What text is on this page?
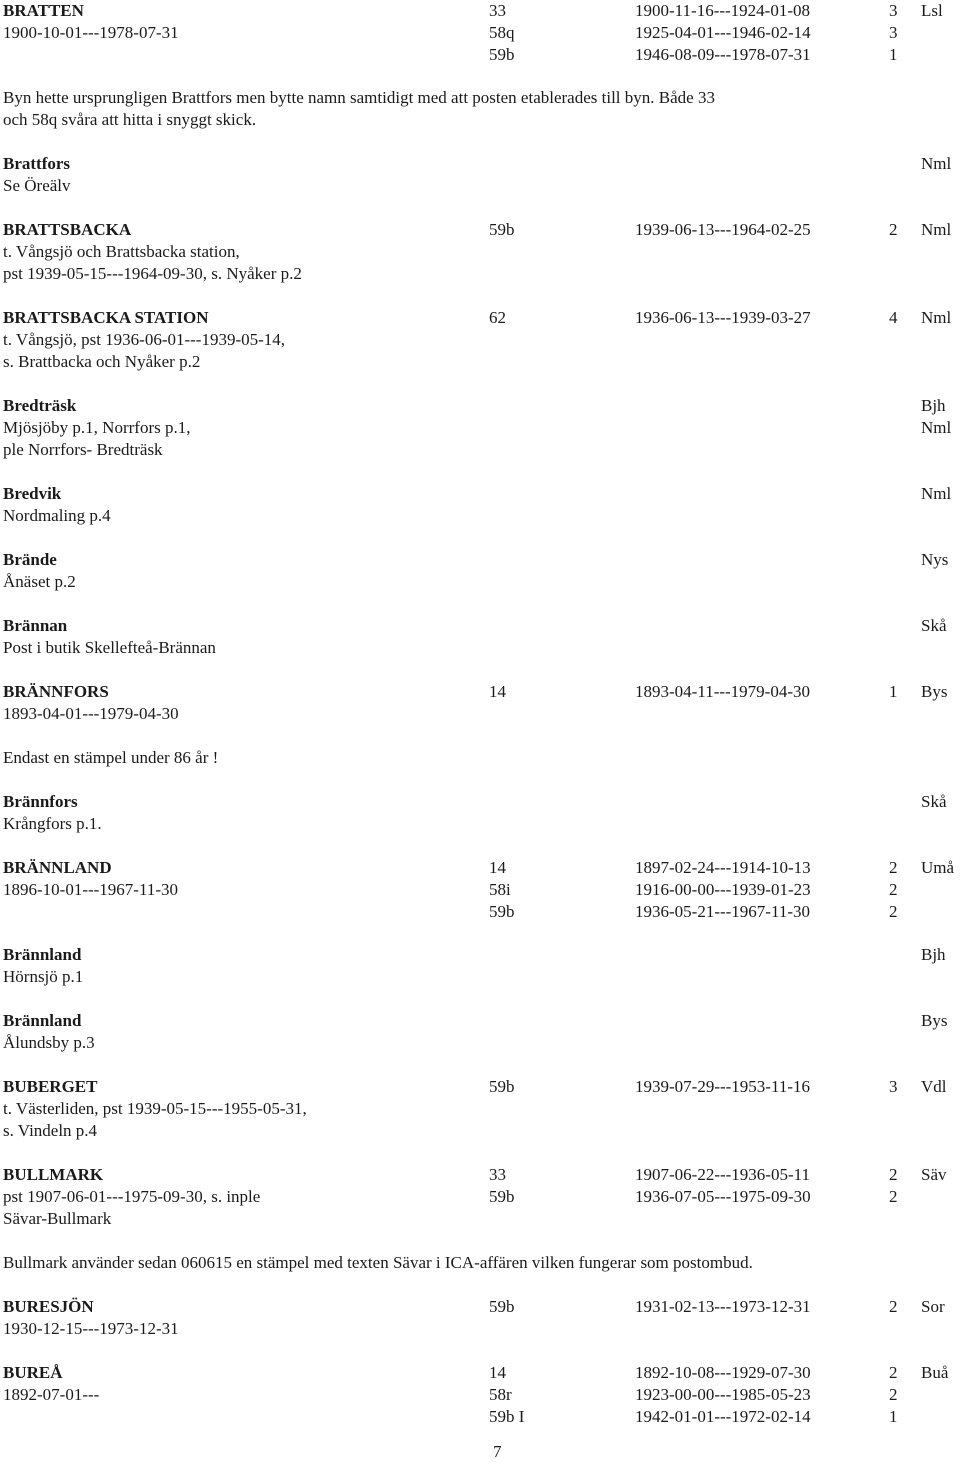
BRATTEN	33	1900-11-16---1924-01-08	3 Lsl
1900-10-01---1978-07-31	58q	1925-04-01---1946-02-14	3
59b	1946-08-09---1978-07-31	1
Byn hette ursprungligen Brattfors men bytte namn samtidigt med att posten etablerades till byn. Både 33
och 58q svåra att hitta i snyggt skick.
Brattfors	Nml
Se Öreälv
BRATTSBACKA	59b	1939-06-13---1964-02-25	2 Nml
t. Vångsjö och Brattsbacka station,
pst 1939-05-15---1964-09-30, s. Nyåker p.2
BRATTSBACKA STATION	62	1936-06-13---1939-03-27	4 Nml
t. Vångsjö, pst 1936-06-01---1939-05-14,
s. Brattbacka och Nyåker p.2
Bredträsk	Bjh
Mjösjöby p.1, Norrfors p.1,	Nml
ple Norrfors- Bredträsk
Bredvik	Nml
Nordmaling p.4
Brände	Nys
Ånäset p.2
Brännan	Skå
Post i butik Skellefteå-Brännan
BRÄNNFORS	14	1893-04-11---1979-04-30	1 Bys
1893-04-01---1979-04-30
Endast en stämpel under 86 år !
Brännfors	Skå
Krångfors p.1.
BRÄNNLAND	14	1897-02-24---1914-10-13	2 Umå
1896-10-01---1967-11-30	58i	1916-00-00---1939-01-23	2
59b	1936-05-21---1967-11-30	2
Brännland	Bjh
Hörnsjö p.1
Brännland	Bys
Ålundsby p.3
BUBERGET	59b	1939-07-29---1953-11-16	3 Vdl
t. Västerliden, pst 1939-05-15---1955-05-31,
s. Vindeln p.4
BULLMARK	33	1907-06-22---1936-05-11	2 Säv
pst 1907-06-01---1975-09-30, s. inple	59b	1936-07-05---1975-09-30	2
Sävar-Bullmark
Bullmark använder sedan 060615 en stämpel med texten Sävar i ICA-affären vilken fungerar som postombud.
BURESJÖN	59b	1931-02-13---1973-12-31	2 Sor
1930-12-15---1973-12-31
BUREÅ	14	1892-10-08---1929-07-30	2 Buå
1892-07-01---	58r	1923-00-00---1985-05-23	2
59b I	1942-01-01---1972-02-14	1
7
